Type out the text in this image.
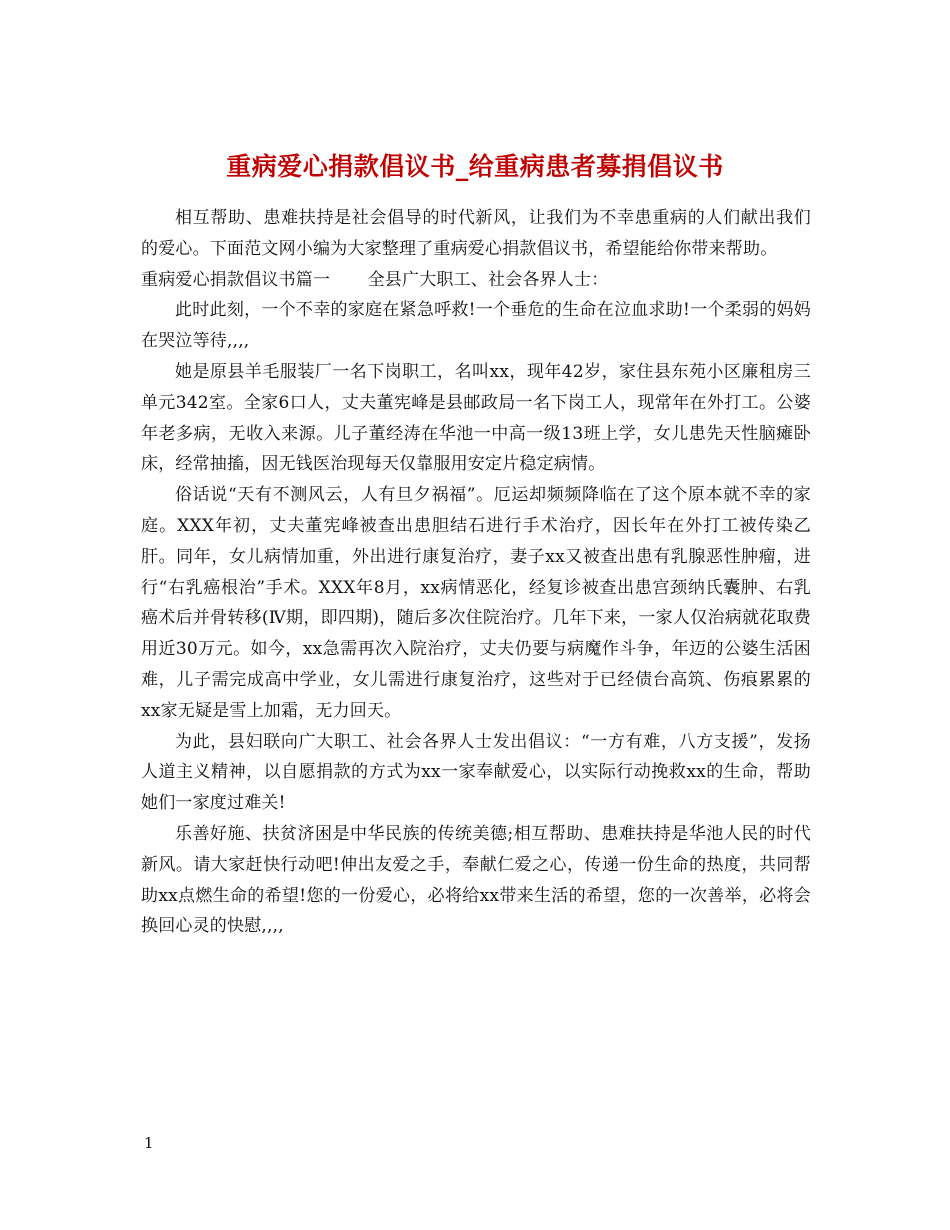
重病爱心捐款倡议书_给重病患者募捐倡议书

相互帮助、患难扶持是社会倡导的时代新风，让我们为不幸患重病的人们献出我们的爱心。下面范文网小编为大家整理了重病爱心捐款倡议书，希望能给你带来帮助。

重病爱心捐款倡议书篇一 全县广大职工、社会各界人士：

此时此刻，一个不幸的家庭在紧急呼救!一个垂危的生命在泣血求助!一个柔弱的妈妈在哭泣等待,,,,

她是原县羊毛服装厂一名下岗职工，名叫xx，现年42岁，家住县东苑小区廉租房三单元342室。全家6口人，丈夫董宪峰是县邮政局一名下岗工人，现常年在外打工。公婆年老多病，无收入来源。儿子董经涛在华池一中高一级13班上学，女儿患先天性脑瘫卧床，经常抽搐，因无钱医治现每天仅靠服用安定片稳定病情。

俗话说“天有不测风云，人有旦夕祸福”。厄运却频频降临在了这个原本就不幸的家庭。XXX年初，丈夫董宪峰被查出患胆结石进行手术治疗，因长年在外打工被传染乙肝。同年，女儿病情加重，外出进行康复治疗，妻子xx又被查出患有乳腺恶性肿瘤，进行“右乳癌根治”手术。XXX年8月，xx病情恶化，经复诊被查出患宫颈纳氏囊肿、右乳癌术后并骨转移(Ⅳ期，即四期)，随后多次住院治疗。几年下来，一家人仅治病就花取费用近30万元。如今，xx急需再次入院治疗，丈夫仍要与病魔作斗争，年迈的公婆生活困难，儿子需完成高中学业，女儿需进行康复治疗，这些对于已经债台高筑、伤痕累累的xx家无疑是雪上加霜，无力回天。

为此，县妇联向广大职工、社会各界人士发出倡议：“一方有难，八方支援”，发扬人道主义精神，以自愿捐款的方式为xx一家奉献爱心，以实际行动挽救xx的生命，帮助她们一家度过难关!

乐善好施、扶贫济困是中华民族的传统美德;相互帮助、患难扶持是华池人民的时代新风。请大家赶快行动吧!伸出友爱之手，奉献仁爱之心，传递一份生命的热度，共同帮助xx点燃生命的希望!您的一份爱心，必将给xx带来生活的希望，您的一次善举，必将会换回心灵的快慰,,,,

1
